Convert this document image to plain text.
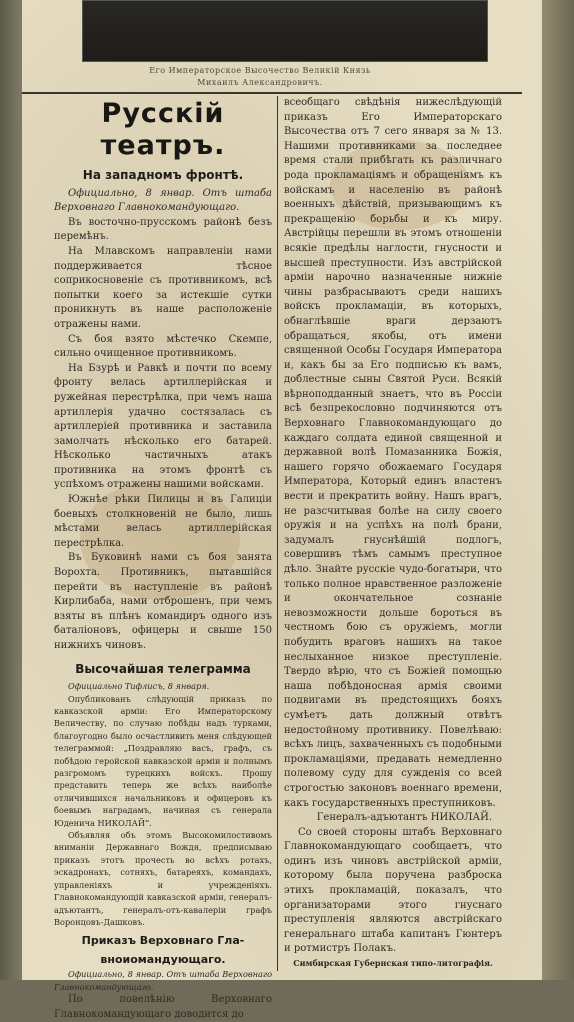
Его Императорское Высочество Великій Князь
Михаилъ Александровичъ.
Русскій
театръ.
На западномъ фронтѣ.

Официально, 8 январ. Отъ штаба Верховнаго Главнокомандующаго.

Въ восточно-прусскомъ районѣ безъ перемѣнъ.

На Млавскомъ направленіи нами поддерживается тѣсное соприкосновеніе съ противникомъ, всѣ попытки коего за истекшіе сутки проникнуть въ наше расположеніе отражены нами.

Съ боя взято мѣстечко Скемпе, сильно очищенное противникомъ.

На Бзурѣ и Равкѣ и почти по всему фронту велась артиллерійская и ружейная перестрѣлка, при чемъ наша артиллерія удачно состязалась съ артиллеріей противника и заставила замолчать нѣсколько его батарей. Нѣсколько частичныхъ атакъ противника на этомъ фронтѣ съ успѣхомъ отражены нашими войсками.

Южнѣе рѣки Пилицы и въ Галиціи боевыхъ столкновеній не было, лишь мѣстами велась артиллерійская перестрѣлка.

Въ Буковинѣ нами съ боя занята Ворохта. Противникъ, пытавшійся перейти въ наступленіе въ районѣ Кирлибаба, нами отброшенъ, при чемъ взяты въ плѣнъ командиръ одного изъ баталіоновъ, офицеры и свыше 150 нижнихъ чиновъ.

Высочайшая телеграмма

Официально Тифлисъ, 8 января.

Опубликованъ слѣдующій приказъ по кавказской арміи: Его Императорскому Величеству, по случаю побѣды надъ турками, благоугодно было осчастливить меня слѣдующей телеграммой: „Поздравляю васъ, графъ, съ побѣдою геройской кавказской арміи и полнымъ разгромомъ турецкихъ войскъ. Прошу представить теперь же всѣхъ наиболѣе отличившихся начальниковъ и офицеровъ къ боевымъ наградамъ, начиная съ генерала Юденича НИКОЛАЙ“.

Объявляя объ этомъ Высокомилостивомъ вниманіи Державнаго Вождя, предписываю приказъ этотъ прочесть во всѣхъ ротахъ, эскадронахъ, сотняхъ, батареяхъ, командахъ, управленіяхъ и учрежденіяхъ. Главнокомандующій кавказской арміи, генералъ-адъютантъ, генералъ-отъ-кавалеріи графъ Воронцовъ-Дашковъ.

Приказъ Верховнаго Гла-
вноиомандующаго.

Официально, 8 январ. Отъ штаба Верховнаго Главнокомандующаго.

По повелѣнію Верховнаго Главнокомандующаго доводится до

всеобщаго свѣдѣнія нижеслѣдующій приказъ Его Императорскаго Высочества отъ 7 сего января за № 13. Нашими противниками за последнее время стали прибѣгать къ различнаго рода прокламаціямъ и обращеніямъ къ войскамъ и населенію въ районѣ военныхъ дѣйствій, призывающимъ къ прекращенію борьбы и къ миру. Австрійцы перешли въ этомъ отношеніи всякіе предѣлы наглости, гнусности и высшей преступности. Изъ австрійской арміи нарочно назначенные нижніе чины разбрасываютъ среди нашихъ войскъ прокламаціи, въ которыхъ, обнаглѣвшіе враги дерзаютъ обращаться, якобы, отъ имени священной Особы Государя Императора и, какъ бы за Его подписью къ вамъ, доблестные сыны Святой Руси. Всякій вѣрноподданный знаетъ, что въ Россіи всѣ безпрекословно подчиняются отъ Верховнаго Главнокомандующаго до каждаго солдата единой священной и державной волѣ Помазанника Божія, нашего горячо обожаемаго Государя Императора, Который единъ властенъ вести и прекратить войну. Нашъ врагъ, не разсчитывая болѣе на силу своего оружія и на успѣхъ на полѣ брани, задумалъ гнуснѣйшій подлогъ, совершивъ тѣмъ самымъ преступное дѣло. Знайте русскіе чудо-богатыри, что только полное нравственное разложеніе и окончательное сознаніе невозможности дольше бороться въ честномъ бою съ оружіемъ, могли побудить враговъ нашихъ на такое неслыханное низкое преступленіе. Твердо вѣрю, что съ Божіей помощью наша побѣдоносная армія своими подвигами въ предстоящихъ бояхъ сумѣетъ дать должный отвѣтъ недостойному противнику. Повелѣваю: всѣхъ лицъ, захваченныхъ съ подобными прокламаціями, предавать немедленно полевому суду для сужденія со всей строгостью законовъ военнаго времени, какъ государственныхъ преступниковъ.

Генералъ-адъютантъ НИКОЛАЙ.

Со своей стороны штабъ Верховнаго Главнокомандующаго сообщаетъ, что одинъ изъ чиновъ австрійской арміи, которому была поручена разброска этихъ прокламацій, показалъ, что организаторами этого гнуснаго преступленія являются австрійскаго генеральнаго штаба капитанъ Гюнтеръ и ротмистръ Полакъ.

Симбирская Губернская типо-литографія.
